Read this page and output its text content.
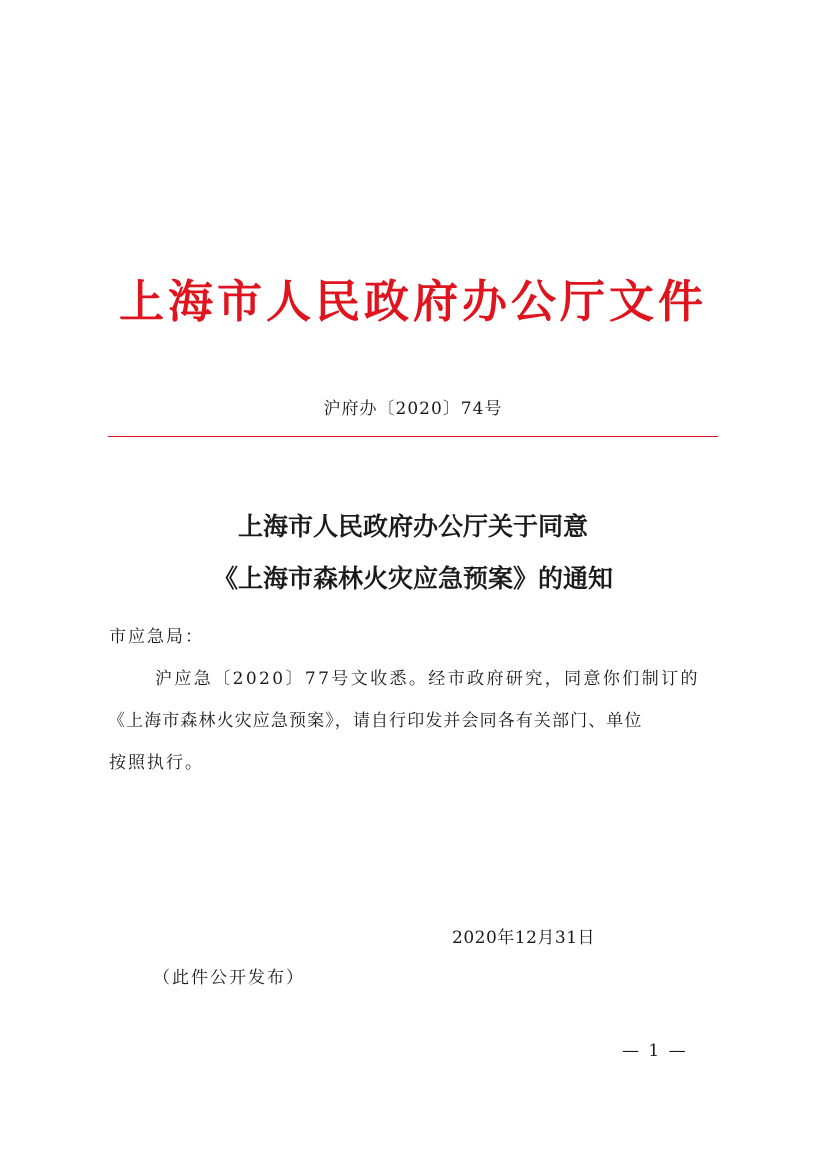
上海市人民政府办公厅文件
沪府办〔2020〕74号
上海市人民政府办公厅关于同意
《上海市森林火灾应急预案》的通知
市应急局：
沪应急〔2020〕77号文收悉。经市政府研究，同意你们制订的
《上海市森林火灾应急预案》，请自行印发并会同各有关部门、单位
按照执行。
2020年12月31日
（此件公开发布）
— 1 —
